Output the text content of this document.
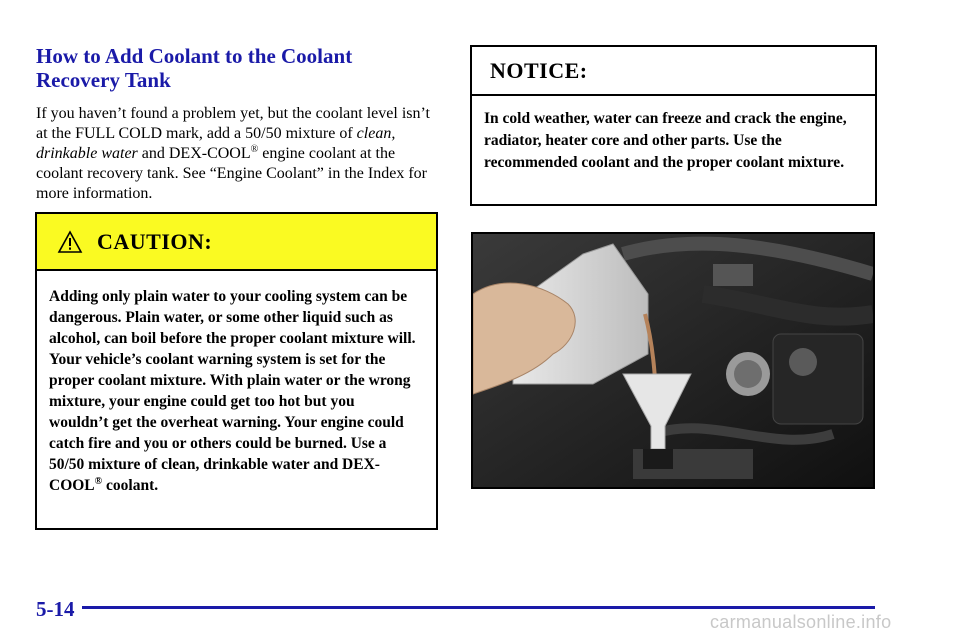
How to Add Coolant to the Coolant
Recovery Tank

If you haven’t found a problem yet, but the coolant level isn’t at the FULL COLD mark, add a 50/50 mixture of clean, drinkable water and DEX-COOL® engine coolant at the coolant recovery tank. See “Engine Coolant” in the Index for more information.

CAUTION:
Adding only plain water to your cooling system can be dangerous. Plain water, or some other liquid such as alcohol, can boil before the proper coolant mixture will. Your vehicle’s coolant warning system is set for the proper coolant mixture. With plain water or the wrong mixture, your engine could get too hot but you wouldn’t get the overheat warning. Your engine could catch fire and you or others could be burned. Use a 50/50 mixture of clean, drinkable water and DEX-COOL® coolant.
NOTICE:
In cold weather, water can freeze and crack the engine, radiator, heater core and other parts. Use the recommended coolant and the proper coolant mixture.
5-14
carmanualsonline.info
